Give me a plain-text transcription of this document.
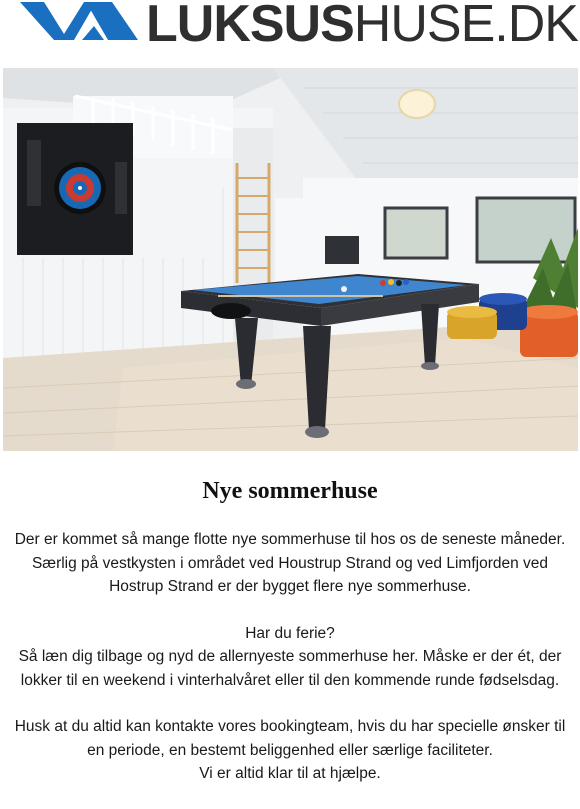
LUKSUSHUSE.DK
Nye sommerhuse

Der er kommet så mange flotte nye sommerhuse til hos os de seneste måneder. Særlig på vestkysten i området ved Houstrup Strand og ved Limfjorden ved Hostrup Strand er der bygget flere nye sommerhuse.

Har du ferie?
Så læn dig tilbage og nyd de allernyeste sommerhuse her. Måske er der ét, der lokker til en weekend i vinterhalvåret eller til den kommende runde fødselsdag.

Husk at du altid kan kontakte vores bookingteam, hvis du har specielle ønsker til en periode, en bestemt beliggenhed eller særlige faciliteter.
Vi er altid klar til at hjælpe.
